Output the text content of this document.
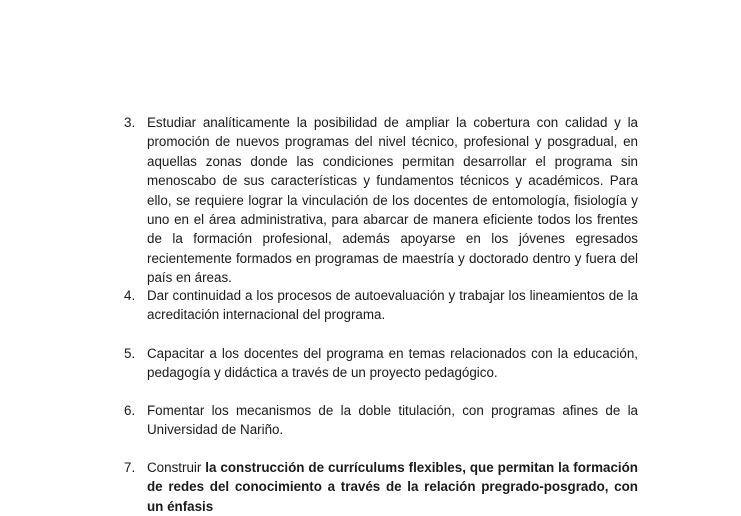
3. Estudiar analíticamente la posibilidad de ampliar la cobertura con calidad y la promoción de nuevos programas del nivel técnico, profesional y posgradual, en aquellas zonas donde las condiciones permitan desarrollar el programa sin menoscabo de sus características y fundamentos técnicos y académicos. Para ello, se requiere lograr la vinculación de los docentes de entomología, fisiología y uno en el área administrativa, para abarcar de manera eficiente todos los frentes de la formación profesional, además apoyarse en los jóvenes egresados recientemente formados en programas de maestría y doctorado dentro y fuera del país en áreas.
4. Dar continuidad a los procesos de autoevaluación y trabajar los lineamientos de la acreditación internacional del programa.
5. Capacitar a los docentes del programa en temas relacionados con la educación, pedagogía y didáctica a través de un proyecto pedagógico.
6. Fomentar los mecanismos de la doble titulación, con programas afines de la Universidad de Nariño.
7. Construir la construcción de currículums flexibles, que permitan la formación de redes del conocimiento a través de la relación pregrado-posgrado, con un énfasis
